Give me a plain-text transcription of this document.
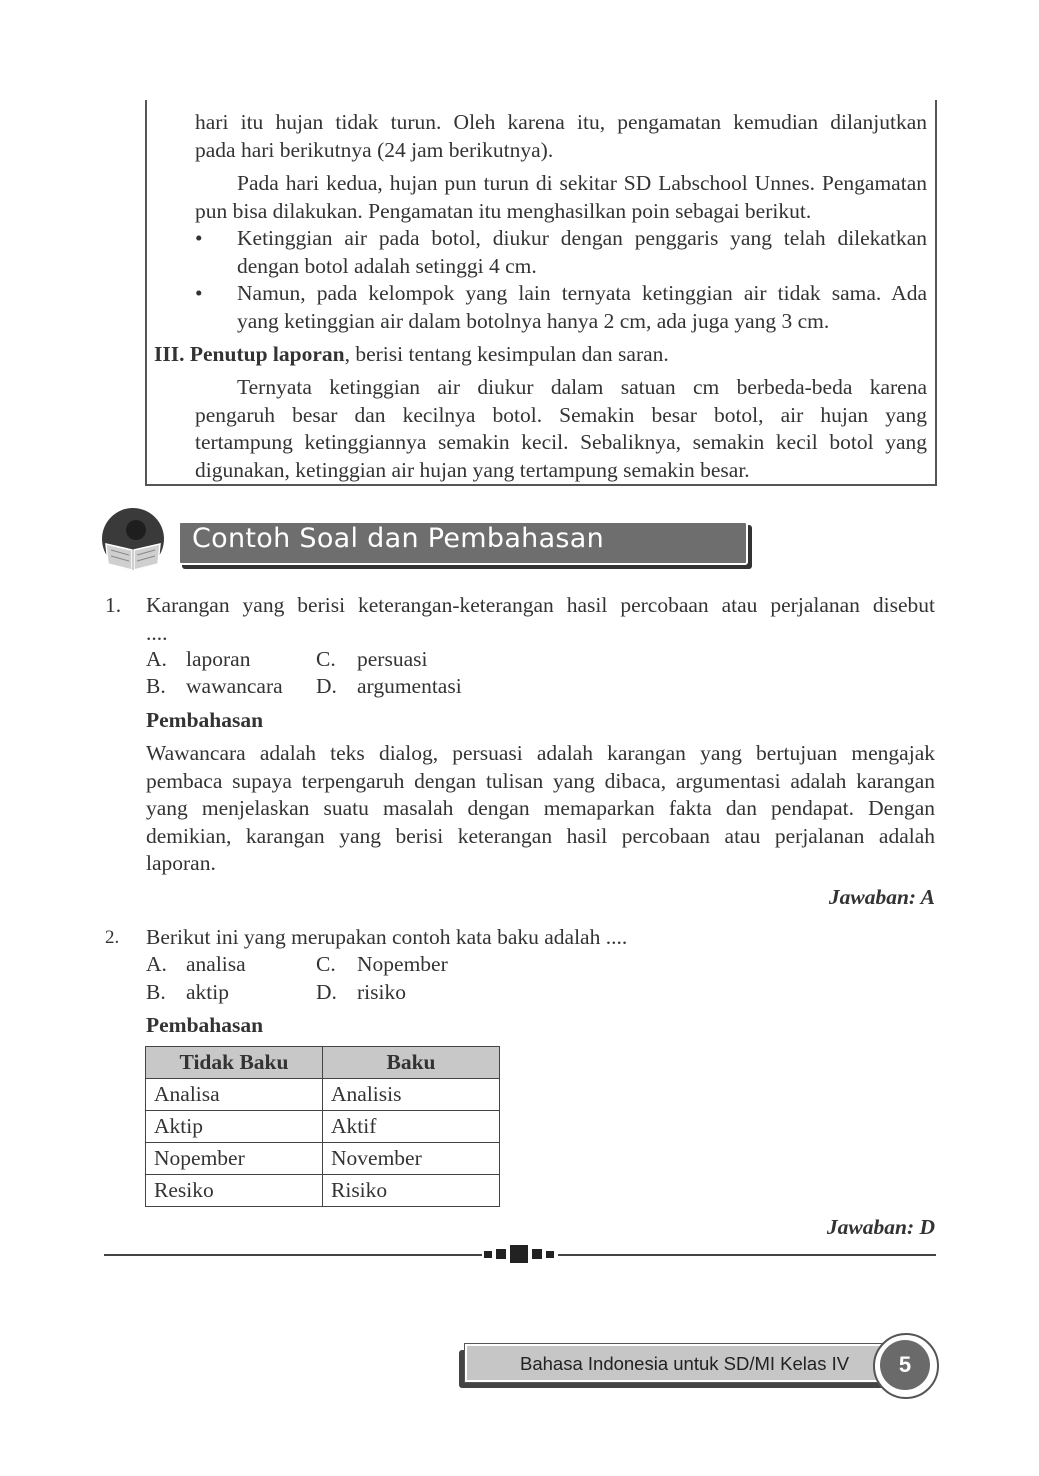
hari itu hujan tidak turun. Oleh karena itu, pengamatan kemudian dilanjutkan
pada hari berikutnya (24 jam berikutnya).
Pada hari kedua, hujan pun turun di sekitar SD Labschool Unnes. Pengamatan
pun bisa dilakukan. Pengamatan itu menghasilkan poin sebagai berikut.
• Ketinggian air pada botol, diukur dengan penggaris yang telah dilekatkan
dengan botol adalah setinggi 4 cm.
• Namun, pada kelompok yang lain ternyata ketinggian air tidak sama. Ada
yang ketinggian air dalam botolnya hanya 2 cm, ada juga yang 3 cm.
III. Penutup laporan, berisi tentang kesimpulan dan saran.
Ternyata ketinggian air diukur dalam satuan cm berbeda-beda karena
pengaruh besar dan kecilnya botol. Semakin besar botol, air hujan yang
tertampung ketinggiannya semakin kecil. Sebaliknya, semakin kecil botol yang
digunakan, ketinggian air hujan yang tertampung semakin besar.
Contoh Soal dan Pembahasan
1. Karangan yang berisi keterangan-keterangan hasil percobaan atau perjalanan disebut
....
A. laporan	C. persuasi
B. wawancara D. argumentasi
Pembahasan
Wawancara adalah teks dialog, persuasi adalah karangan yang bertujuan mengajak
pembaca supaya terpengaruh dengan tulisan yang dibaca, argumentasi adalah karangan
yang menjelaskan suatu masalah dengan memaparkan fakta dan pendapat. Dengan
demikian, karangan yang berisi keterangan hasil percobaan atau perjalanan adalah
laporan.
Jawaban: A
2. Berikut ini yang merupakan contoh kata baku adalah ....
A. analisa	C. Nopember
B. aktip	D. risiko
Pembahasan
Tidak Baku	Baku
Analisa	Analisis
Aktip	Aktif
Nopember	November
Resiko	Risiko
Jawaban: D
Bahasa Indonesia untuk SD/MI Kelas IV	5
